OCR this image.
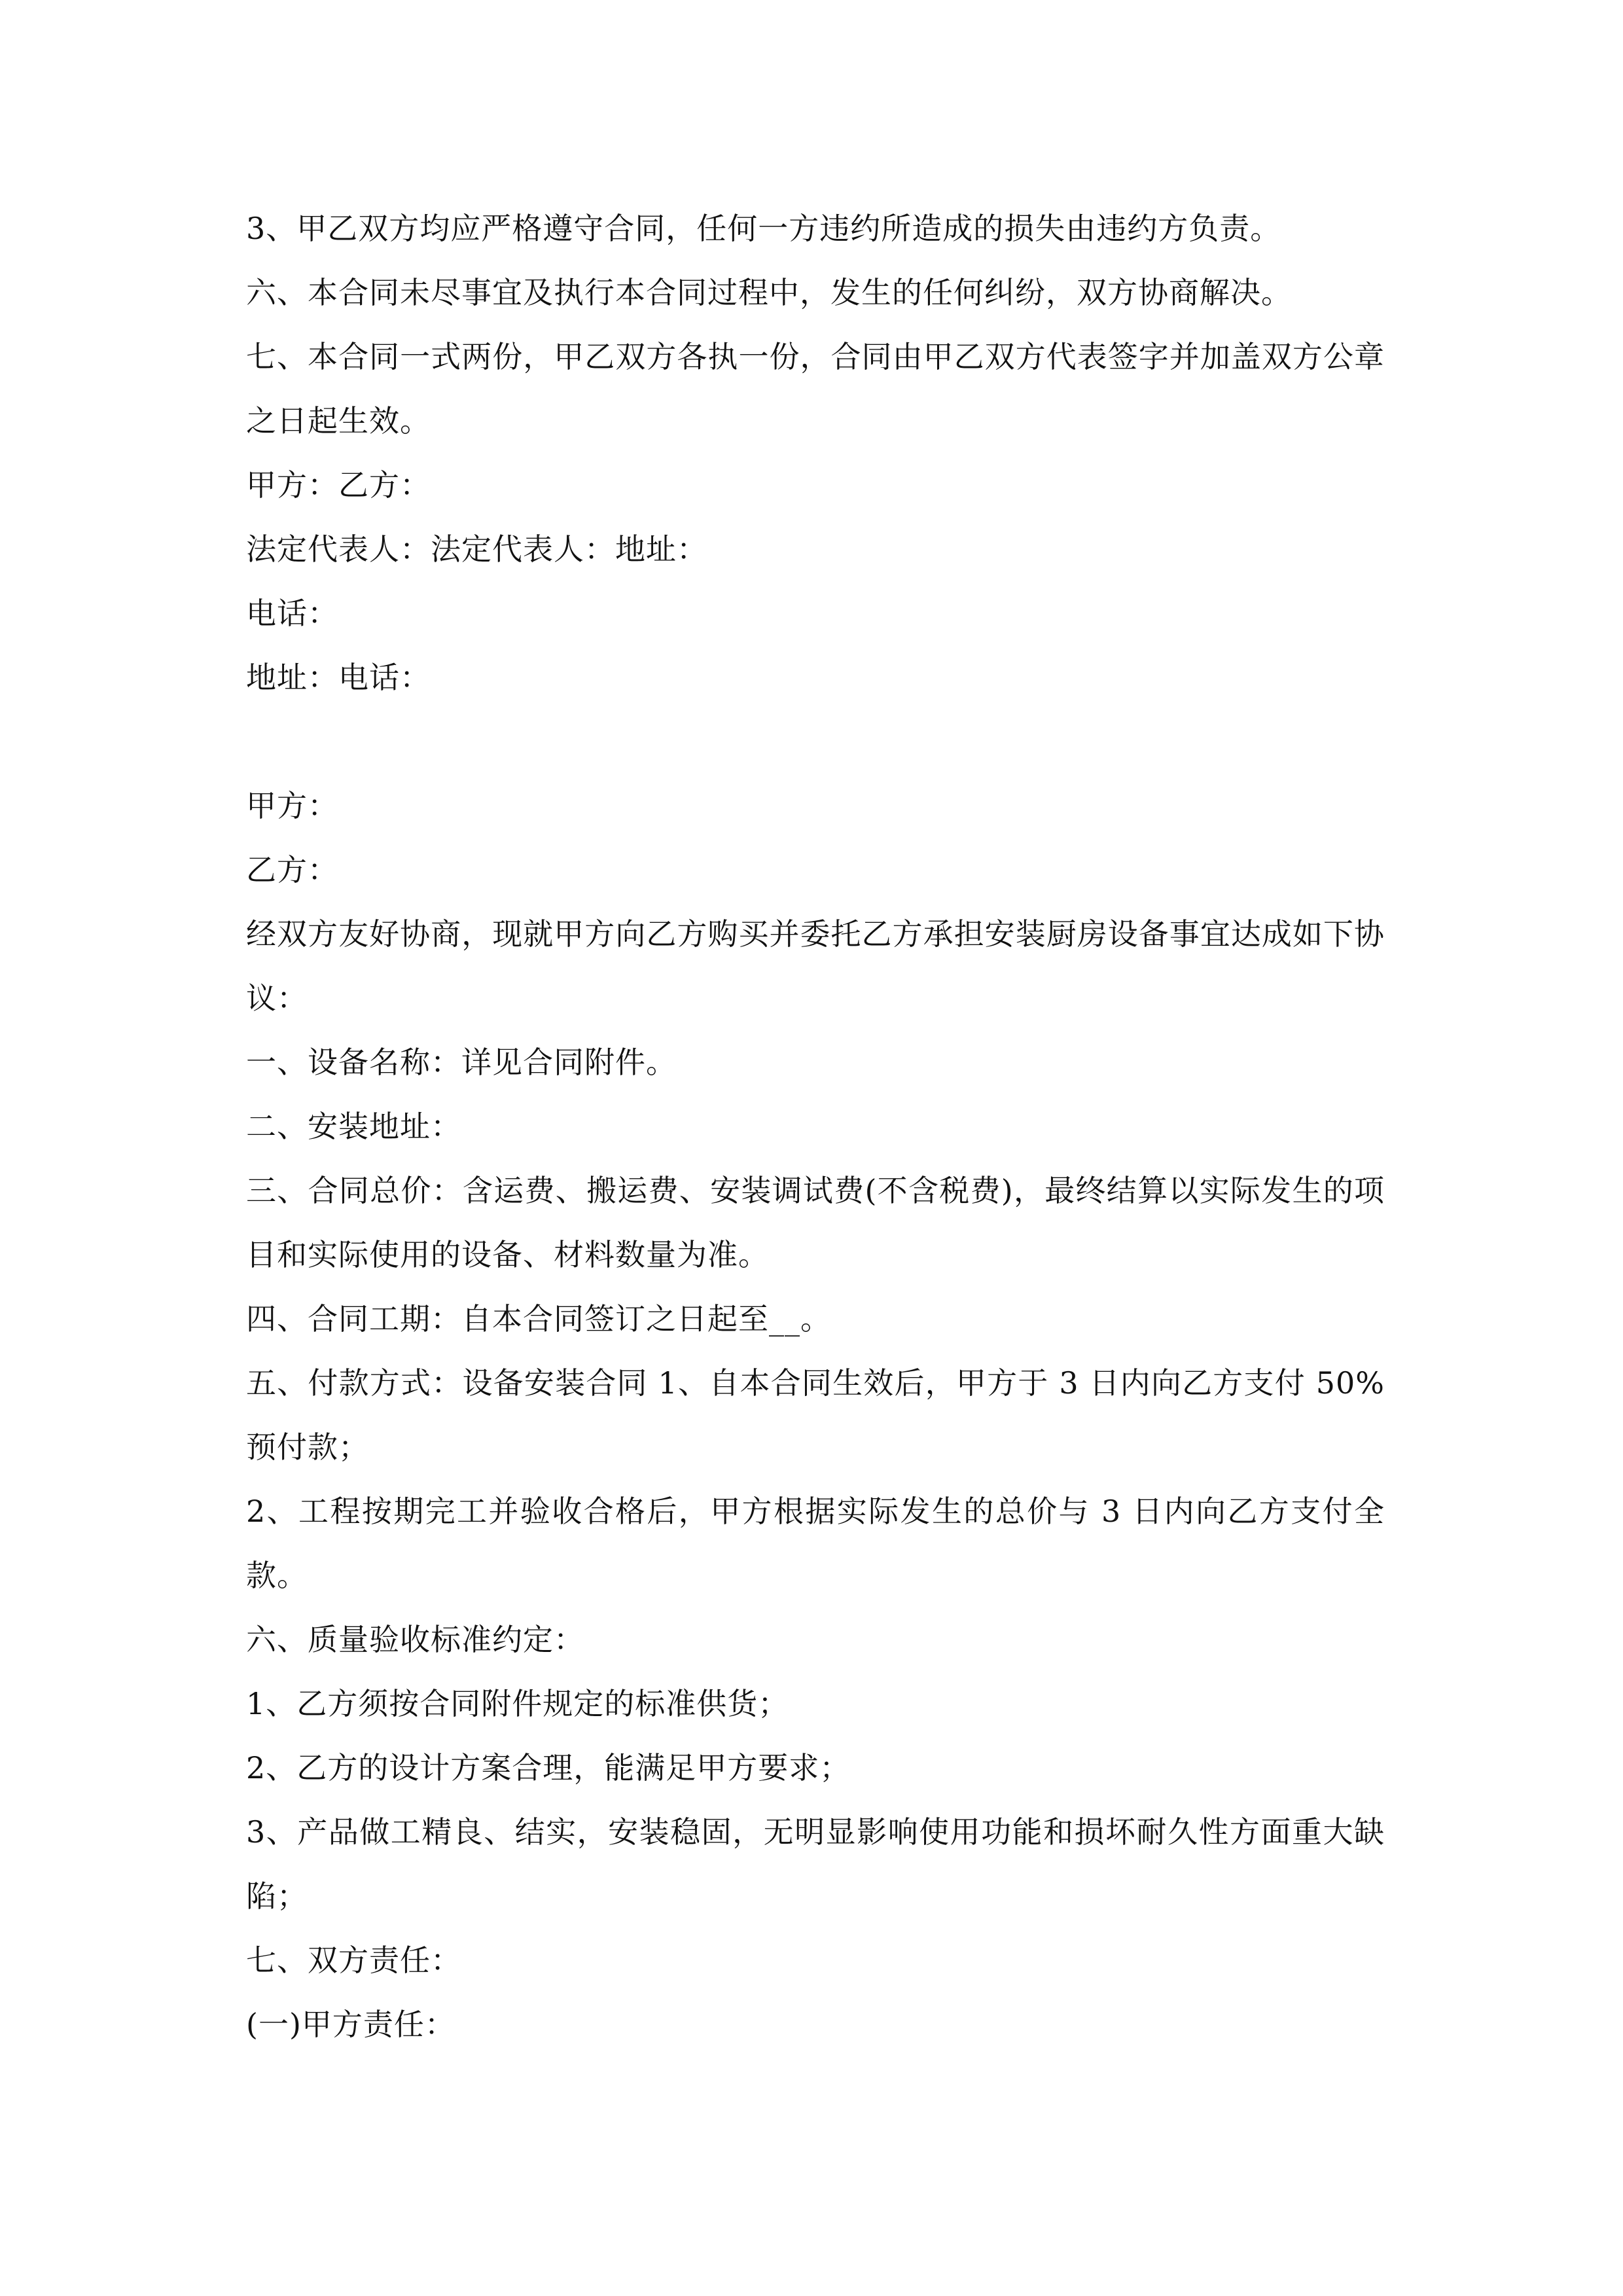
3、甲乙双方均应严格遵守合同，任何一方违约所造成的损失由违约方负责。

六、本合同未尽事宜及执行本合同过程中，发生的任何纠纷，双方协商解决。

七、本合同一式两份，甲乙双方各执一份，合同由甲乙双方代表签字并加盖双方公章之日起生效。

甲方：乙方：

法定代表人：法定代表人：地址：

电话：

地址：电话：

甲方：

乙方：

经双方友好协商，现就甲方向乙方购买并委托乙方承担安装厨房设备事宜达成如下协议：

一、设备名称：详见合同附件。

二、安装地址：

三、合同总价：含运费、搬运费、安装调试费(不含税费)，最终结算以实际发生的项目和实际使用的设备、材料数量为准。

四、合同工期：自本合同签订之日起至__。

五、付款方式：设备安装合同 1、自本合同生效后，甲方于 3 日内向乙方支付 50%预付款；

2、工程按期完工并验收合格后，甲方根据实际发生的总价与 3 日内向乙方支付全款。

六、质量验收标准约定：

1、乙方须按合同附件规定的标准供货；

2、乙方的设计方案合理，能满足甲方要求；

3、产品做工精良、结实，安装稳固，无明显影响使用功能和损坏耐久性方面重大缺陷；

七、双方责任：

(一)甲方责任：
